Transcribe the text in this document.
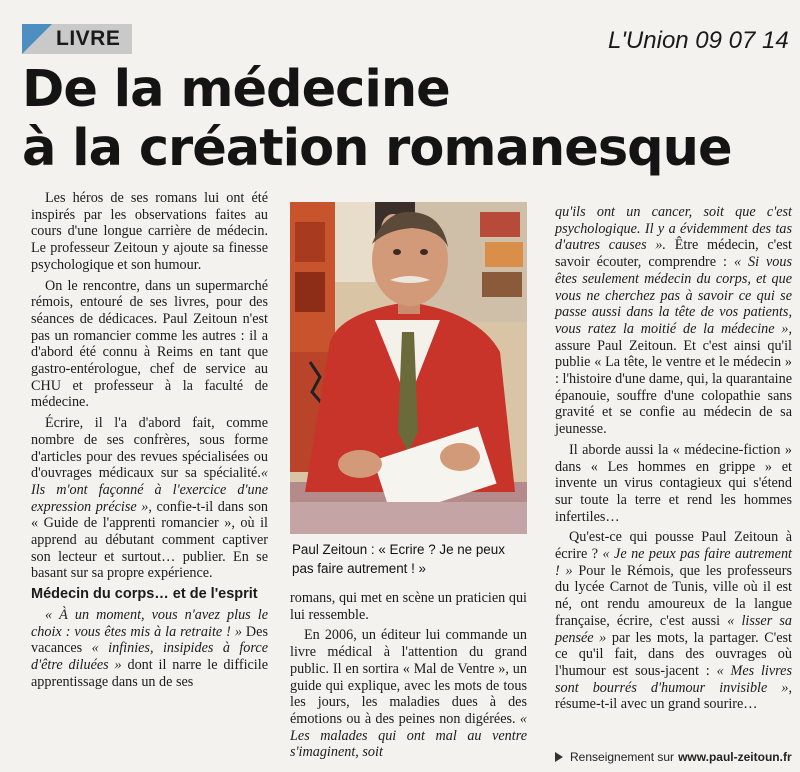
LIVRE	L'Union 09 07 14
De la médecine
à la création romanesque

Les héros de ses romans lui ont été inspirés par les observations faites au cours d'une longue carrière de médecin. Le professeur Zeitoun y ajoute sa finesse psychologique et son humour.

On le rencontre, dans un supermarché rémois, entouré de ses livres, pour des séances de dédicaces. Paul Zeitoun n'est pas un romancier comme les autres : il a d'abord été connu à Reims en tant que gastro-entérologue, chef de service au CHU et professeur à la faculté de médecine.

Écrire, il l'a d'abord fait, comme nombre de ses confrères, sous forme d'articles pour des revues spécialisées ou d'ouvrages médicaux sur sa spécialité.« Ils m'ont façonné à l'exercice d'une expression précise », confie-t-il dans son « Guide de l'apprenti romancier », où il apprend au débutant comment captiver son lecteur et surtout… publier. En se basant sur sa propre expérience.

Médecin du corps… et de l'esprit

« À un moment, vous n'avez plus le choix : vous êtes mis à la retraite ! » Des vacances « infinies, insipides à force d'être diluées » dont il narre le difficile apprentissage dans un de ses

Paul Zeitoun : « Ecrire ? Je ne peux pas faire autrement ! »

romans, qui met en scène un praticien qui lui ressemble.

En 2006, un éditeur lui commande un livre médical à l'attention du grand public. Il en sortira « Mal de Ventre », un guide qui explique, avec les mots de tous les jours, les maladies dues à des émotions ou à des peines non digérées. « Les malades qui ont mal au ventre s'imaginent, soit

qu'ils ont un cancer, soit que c'est psychologique. Il y a évidemment des tas d'autres causes ». Être médecin, c'est savoir écouter, comprendre : « Si vous êtes seulement médecin du corps, et que vous ne cherchez pas à savoir ce qui se passe aussi dans la tête de vos patients, vous ratez la moitié de la médecine », assure Paul Zeitoun. Et c'est ainsi qu'il publie « La tête, le ventre et le médecin » : l'histoire d'une dame, qui, la quarantaine épanouie, souffre d'une colopathie sans gravité et se confie au médecin de sa jeunesse.

Il aborde aussi la « médecine-fiction » dans « Les hommes en grippe » et invente un virus contagieux qui s'étend sur toute la terre et rend les hommes infertiles…

Qu'est-ce qui pousse Paul Zeitoun à écrire ? « Je ne peux pas faire autrement ! » Pour le Rémois, que les professeurs du lycée Carnot de Tunis, ville où il est né, ont rendu amoureux de la langue française, écrire, c'est aussi « lisser sa pensée » par les mots, la partager. C'est ce qu'il fait, dans des ouvrages où l'humour est sous-jacent : « Mes livres sont bourrés d'humour invisible », résume-t-il avec un grand sourire…

Renseignement sur www.paul-zeitoun.fr
